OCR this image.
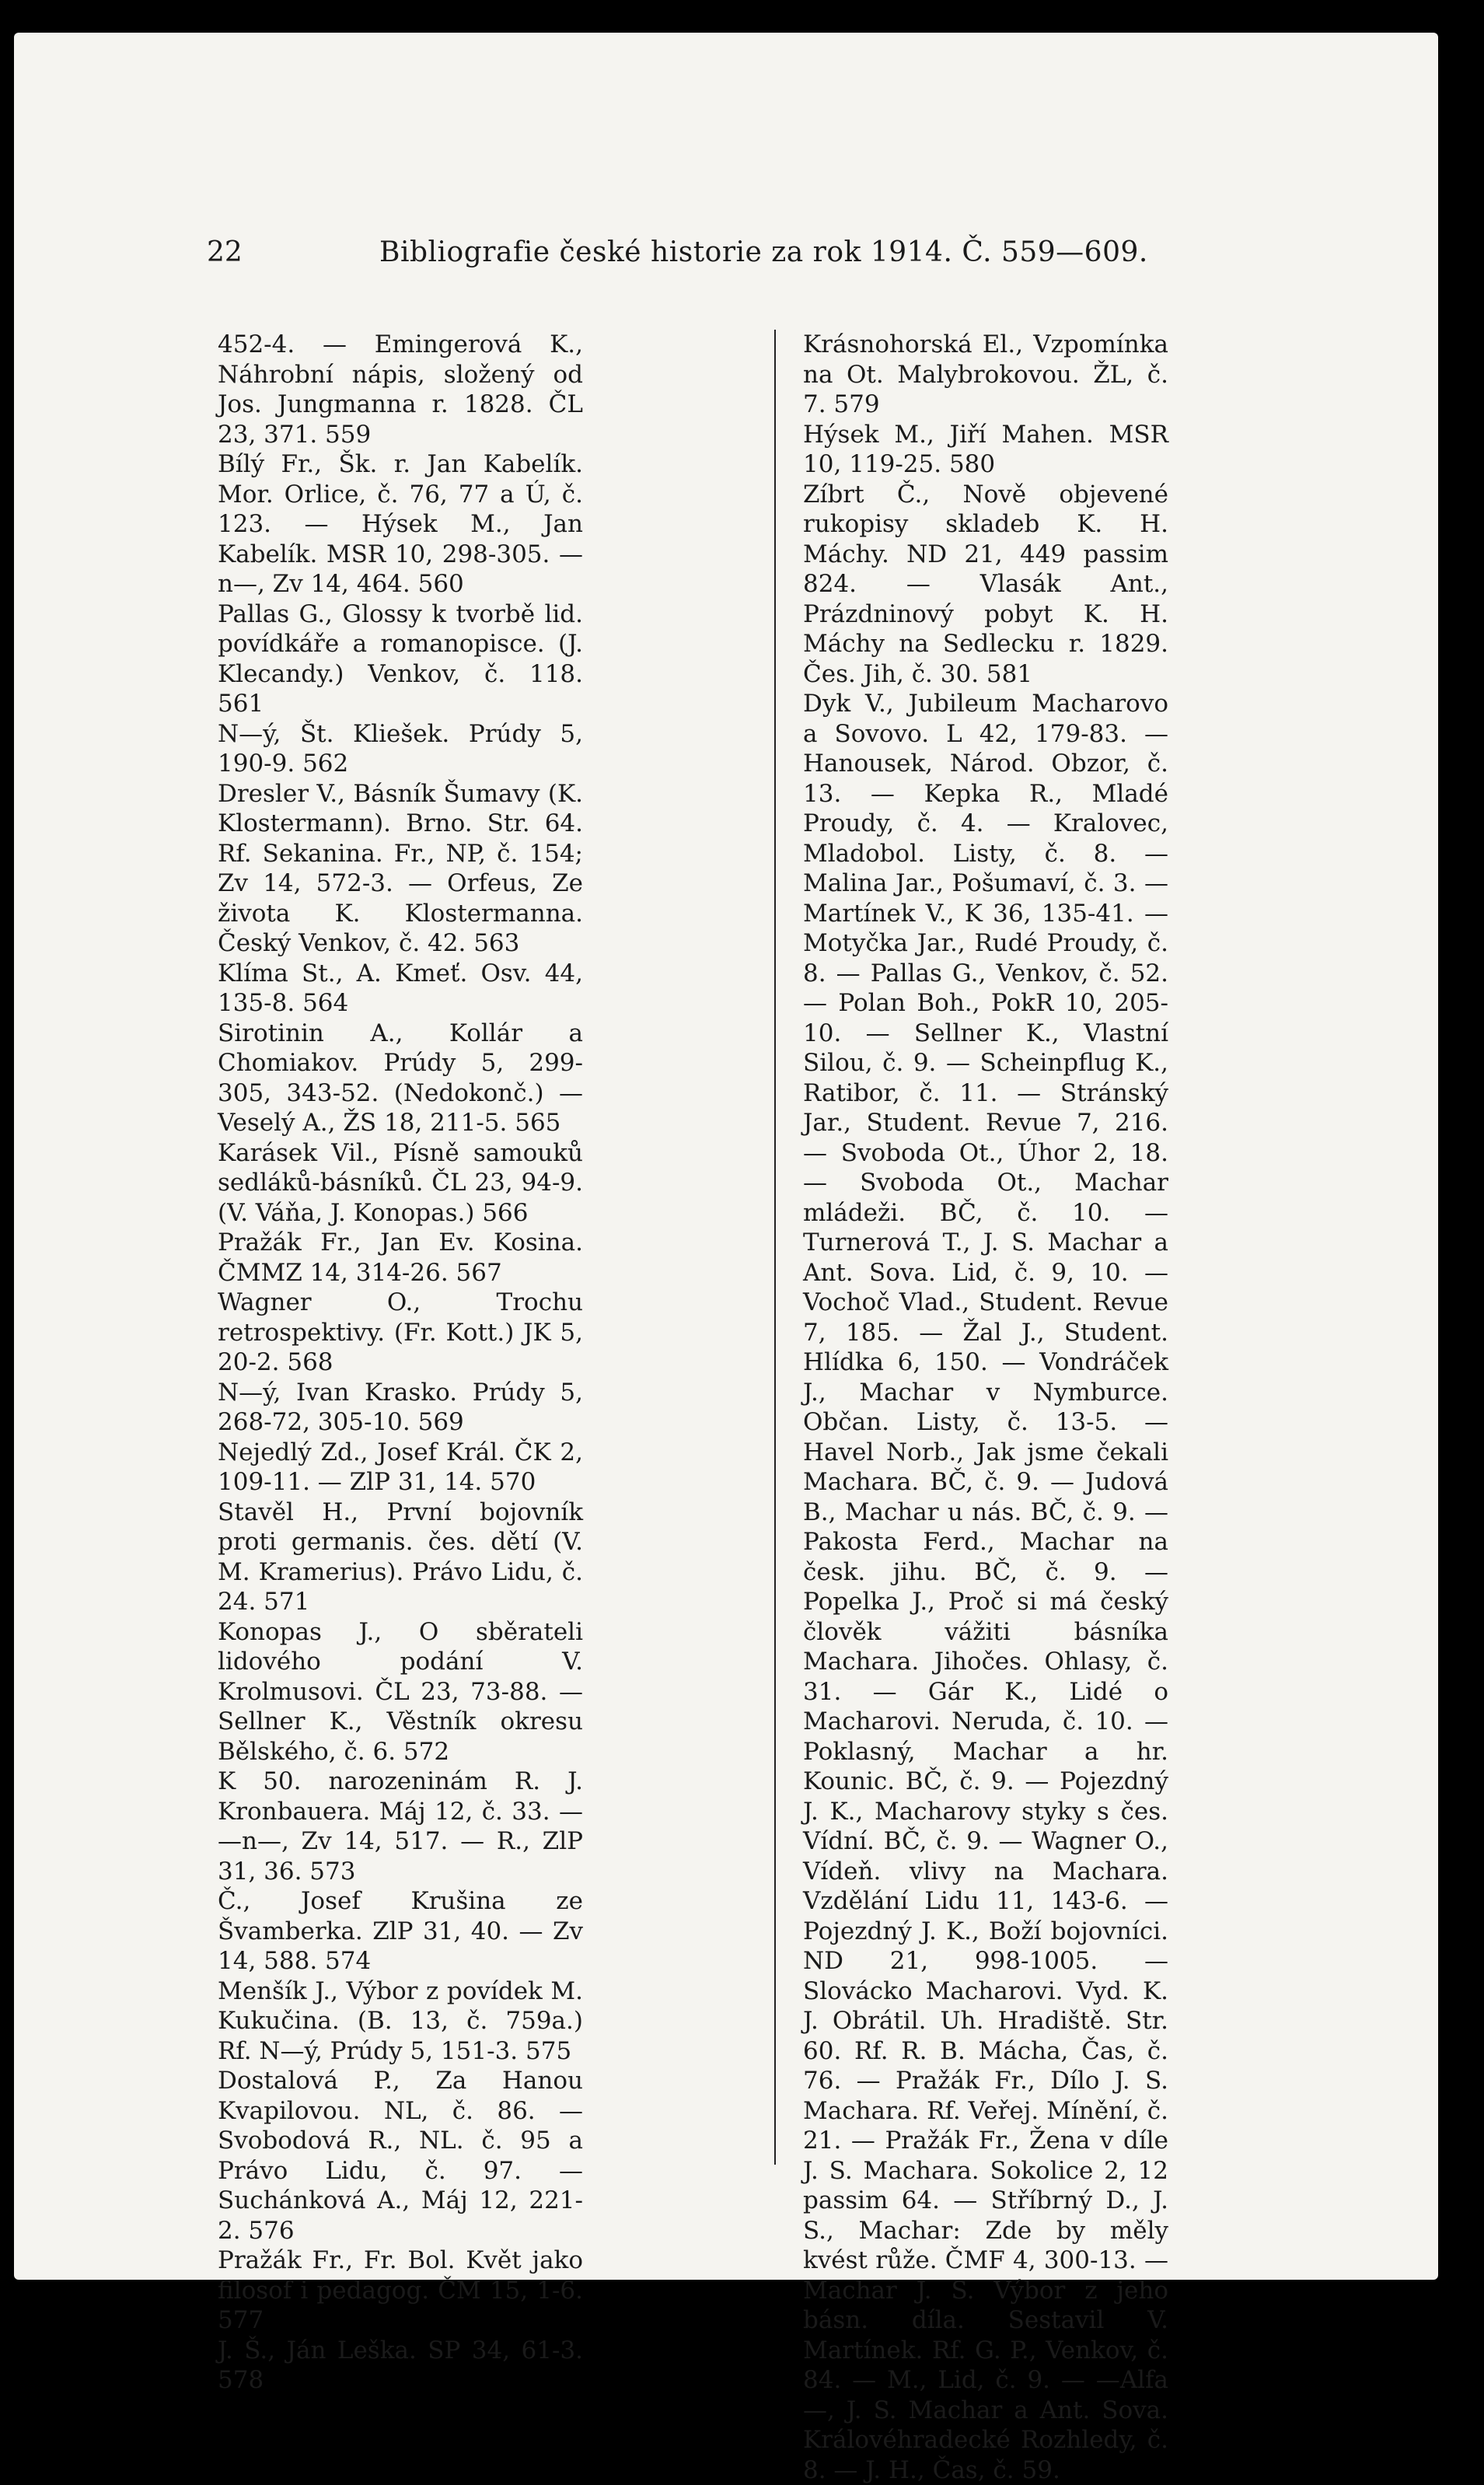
22	Bibliografie české historie za rok 1914. Č. 559—609.

452-4. — Emingerová K., Náhrobní nápis, složený od Jos. Jungmanna r. 1828. ČL 23, 371. 559

Bílý Fr., Šk. r. Jan Kabelík. Mor. Orlice, č. 76, 77 a Ú, č. 123. — Hýsek M., Jan Kabelík. MSR 10, 298-305. —n—, Zv 14, 464. 560

Pallas G., Glossy k tvorbě lid. povídkáře a romanopisce. (J. Klecandy.) Venkov, č. 118. 561

N—ý, Št. Kliešek. Prúdy 5, 190-9. 562

Dresler V., Básník Šumavy (K. Klostermann). Brno. Str. 64. Rf. Sekanina. Fr., NP, č. 154; Zv 14, 572-3. — Orfeus, Ze života K. Klostermanna. Český Venkov, č. 42. 563

Klíma St., A. Kmeť. Osv. 44, 135-8. 564

Sirotinin A., Kollár a Chomiakov. Prúdy 5, 299-305, 343-52. (Nedokonč.) — Veselý A., ŽS 18, 211-5. 565

Karásek Vil., Písně samouků sedláků-básníků. ČL 23, 94-9. (V. Váňa, J. Konopas.) 566

Pražák Fr., Jan Ev. Kosina. ČMMZ 14, 314-26. 567

Wagner O., Trochu retrospektivy. (Fr. Kott.) JK 5, 20-2. 568

N—ý, Ivan Krasko. Prúdy 5, 268-72, 305-10. 569

Nejedlý Zd., Josef Král. ČK 2, 109-11. — ZlP 31, 14. 570

Stavěl H., První bojovník proti germanis. čes. dětí (V. M. Kramerius). Právo Lidu, č. 24. 571

Konopas J., O sběrateli lidového podání V. Krolmusovi. ČL 23, 73-88. — Sellner K., Věstník okresu Bělského, č. 6. 572

K 50. narozeninám R. J. Kronbauera. Máj 12, č. 33. — —n—, Zv 14, 517. — R., ZlP 31, 36. 573

Č., Josef Krušina ze Švamberka. ZlP 31, 40. — Zv 14, 588. 574

Menšík J., Výbor z povídek M. Kukučina. (B. 13, č. 759a.) Rf. N—ý, Prúdy 5, 151-3. 575

Dostalová P., Za Hanou Kvapilovou. NL, č. 86. — Svobodová R., NL. č. 95 a Právo Lidu, č. 97. — Suchánková A., Máj 12, 221-2. 576

Pražák Fr., Fr. Bol. Květ jako filosof i pedagog. ČM 15, 1-6. 577

J. Š., Ján Leška. SP 34, 61-3. 578

Krásnohorská El., Vzpomínka na Ot. Malybrokovou. ŽL, č. 7. 579

Hýsek M., Jiří Mahen. MSR 10, 119-25. 580

Zíbrt Č., Nově objevené rukopisy skladeb K. H. Máchy. ND 21, 449 passim 824. — Vlasák Ant., Prázdninový pobyt K. H. Máchy na Sedlecku r. 1829. Čes. Jih, č. 30. 581

Dyk V., Jubileum Macharovo a Sovovo. L 42, 179-83. — Hanousek, Národ. Obzor, č. 13. — Kepka R., Mladé Proudy, č. 4. — Kralovec, Mladobol. Listy, č. 8. — Malina Jar., Pošumaví, č. 3. — Martínek V., K 36, 135-41. — Motyčka Jar., Rudé Proudy, č. 8. — Pallas G., Venkov, č. 52. — Polan Boh., PokR 10, 205-10. — Sellner K., Vlastní Silou, č. 9. — Scheinpflug K., Ratibor, č. 11. — Stránský Jar., Student. Revue 7, 216. — Svoboda Ot., Úhor 2, 18. — Svoboda Ot., Machar mládeži. BČ, č. 10. — Turnerová T., J. S. Machar a Ant. Sova. Lid, č. 9, 10. — Vochoč Vlad., Student. Revue 7, 185. — Žal J., Student. Hlídka 6, 150. — Vondráček J., Machar v Nymburce. Občan. Listy, č. 13-5. — Havel Norb., Jak jsme čekali Machara. BČ, č. 9. — Judová B., Machar u nás. BČ, č. 9. — Pakosta Ferd., Machar na česk. jihu. BČ, č. 9. — Popelka J., Proč si má český člověk vážiti básníka Machara. Jihočes. Ohlasy, č. 31. — Gár K., Lidé o Macharovi. Neruda, č. 10. — Poklasný, Machar a hr. Kounic. BČ, č. 9. — Pojezdný J. K., Macharovy styky s čes. Vídní. BČ, č. 9. — Wagner O., Vídeň. vlivy na Machara. Vzdělání Lidu 11, 143-6. — Pojezdný J. K., Boží bojovníci. ND 21, 998-1005. — Slovácko Macharovi. Vyd. K. J. Obrátil. Uh. Hradiště. Str. 60. Rf. R. B. Mácha, Čas, č. 76. — Pražák Fr., Dílo J. S. Machara. Rf. Veřej. Mínění, č. 21. — Pražák Fr., Žena v díle J. S. Machara. Sokolice 2, 12 passim 64. — Stříbrný D., J. S., Machar: Zde by měly kvést růže. ČMF 4, 300-13. — Machar J. S. Výbor z jeho básn. díla. Sestavil V. Martínek. Rf. G. P., Venkov, č. 84. — M., Lid, č. 9. — —Alfa—, J. S. Machar a Ant. Sova. Královéhradecké Rozhledy, č. 8. — J. H., Čas, č. 59.
